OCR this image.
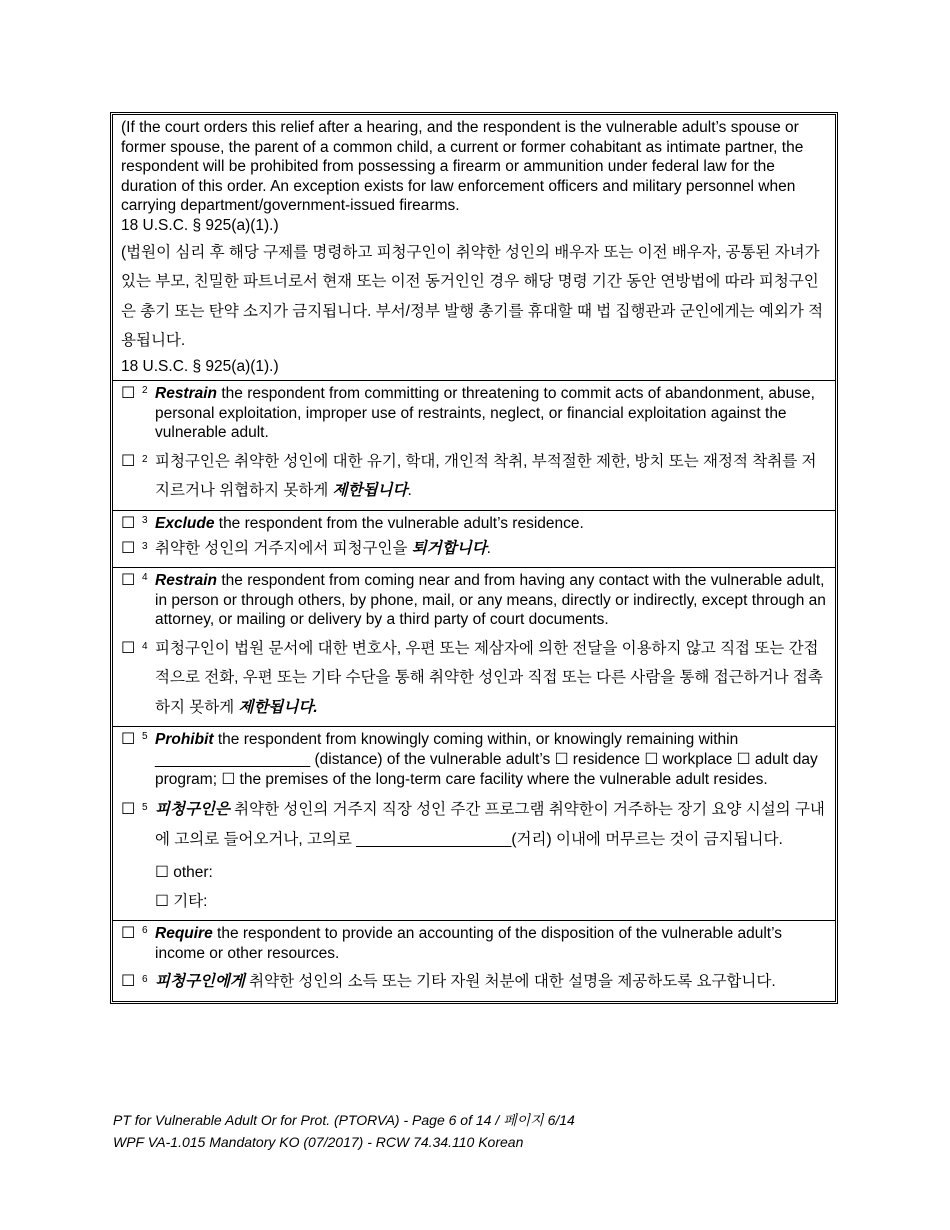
(If the court orders this relief after a hearing, and the respondent is the vulnerable adult’s spouse or former spouse, the parent of a common child, a current or former cohabitant as intimate partner, the respondent will be prohibited from possessing a firearm or ammunition under federal law for the duration of this order. An exception exists for law enforcement officers and military personnel when carrying department/government-issued firearms.
18 U.S.C. § 925(a)(1).)
(법원이 심리 후 해당 구제를 명령하고 피청구인이 취약한 성인의 배우자 또는 이전 배우자, 공통된 자녀가 있는 부모, 친밀한 파트너로서 현재 또는 이전 동거인인 경우 해당 명령 기간 동안 연방법에 따라 피청구인은 총기 또는 탄약 소지가 금지됩니다. 부서/정부 발행 총기를 휴대할 때 법 집행관과 군인에게는 예외가 적용됩니다.
18 U.S.C. § 925(a)(1).)
☐ 2 Restrain the respondent from committing or threatening to commit acts of abandonment, abuse, personal exploitation, improper use of restraints, neglect, or financial exploitation against the vulnerable adult.
☐ 2 피청구인은 취약한 성인에 대한 유기, 학대, 개인적 착취, 부적절한 제한, 방치 또는 재정적 착취를 저지르거나 위협하지 못하게 제한됩니다.
☐ 3 Exclude the respondent from the vulnerable adult’s residence.
☐ 3 취약한 성인의 거주지에서 피청구인을 퇴거합니다.
☐ 4 Restrain the respondent from coming near and from having any contact with the vulnerable adult, in person or through others, by phone, mail, or any means, directly or indirectly, except through an attorney, or mailing or delivery by a third party of court documents.
☐ 4 피청구인이 법원 문서에 대한 변호사, 우편 또는 제삼자에 의한 전달을 이용하지 않고 직접 또는 간접적으로 전화, 우편 또는 기타 수단을 통해 취약한 성인과 직접 또는 다른 사람을 통해 접근하거나 접촉하지 못하게 제한됩니다.
☐ 5 Prohibit the respondent from knowingly coming within, or knowingly remaining within __________________ (distance) of the vulnerable adult’s ☐ residence ☐ workplace ☐ adult day program; ☐ the premises of the long-term care facility where the vulnerable adult resides.
☐ 5 피청구인은 취약한 성인의 거주지 직장 성인 주간 프로그램 취약한이 거주하는 장기 요양 시설의 구내에 고의로 들어오거나, 고의로 __________________(거리) 이내에 머무르는 것이 금지됩니다.
☐ other:
☐ 기타:
☐ 6 Require the respondent to provide an accounting of the disposition of the vulnerable adult’s income or other resources.
☐ 6 피청구인에게 취약한 성인의 소득 또는 기타 자원 처분에 대한 설명을 제공하도록 요구합니다.
PT for Vulnerable Adult Or for Prot. (PTORVA) - Page 6 of 14 / 페이지 6/14
WPF VA-1.015 Mandatory KO (07/2017) - RCW 74.34.110 Korean
